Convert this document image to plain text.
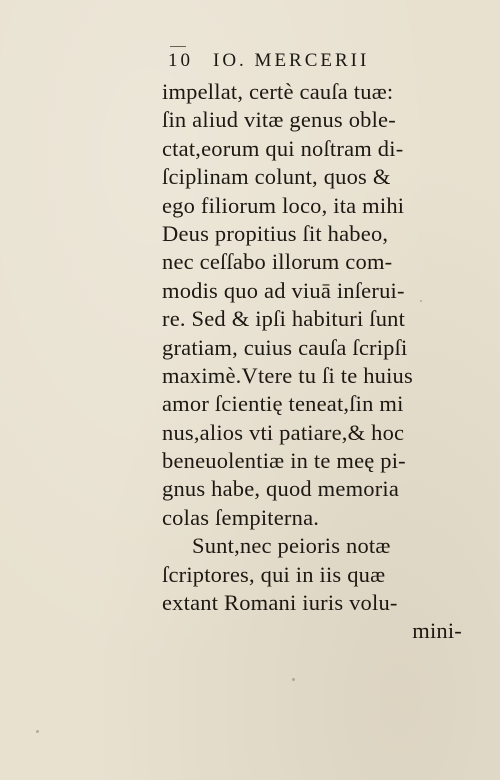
10 IO. MERCERII
impellat, certè cauſa tuæ:
ſin aliud vitæ genus oble-
ctat,eorum qui noſtram di-
ſciplinam colunt, quos &
ego filiorum loco, ita mihi
Deus propitius ſit habeo,
nec ceſſabo illorum com-
modis quo ad viuā inſerui-
re. Sed & ipſi habituri ſunt
gratiam, cuius cauſa ſcripſi
maximè.Vtere tu ſi te huius
amor ſcientię teneat,ſin mi
nus,alios vti patiare,& hoc
beneuolentiæ in te meę pi-
gnus habe, quod memoria
colas ſempiterna.
Sunt,nec peioris notæ
ſcriptores, qui in iis quæ
extant Romani iuris volu-
mini-
